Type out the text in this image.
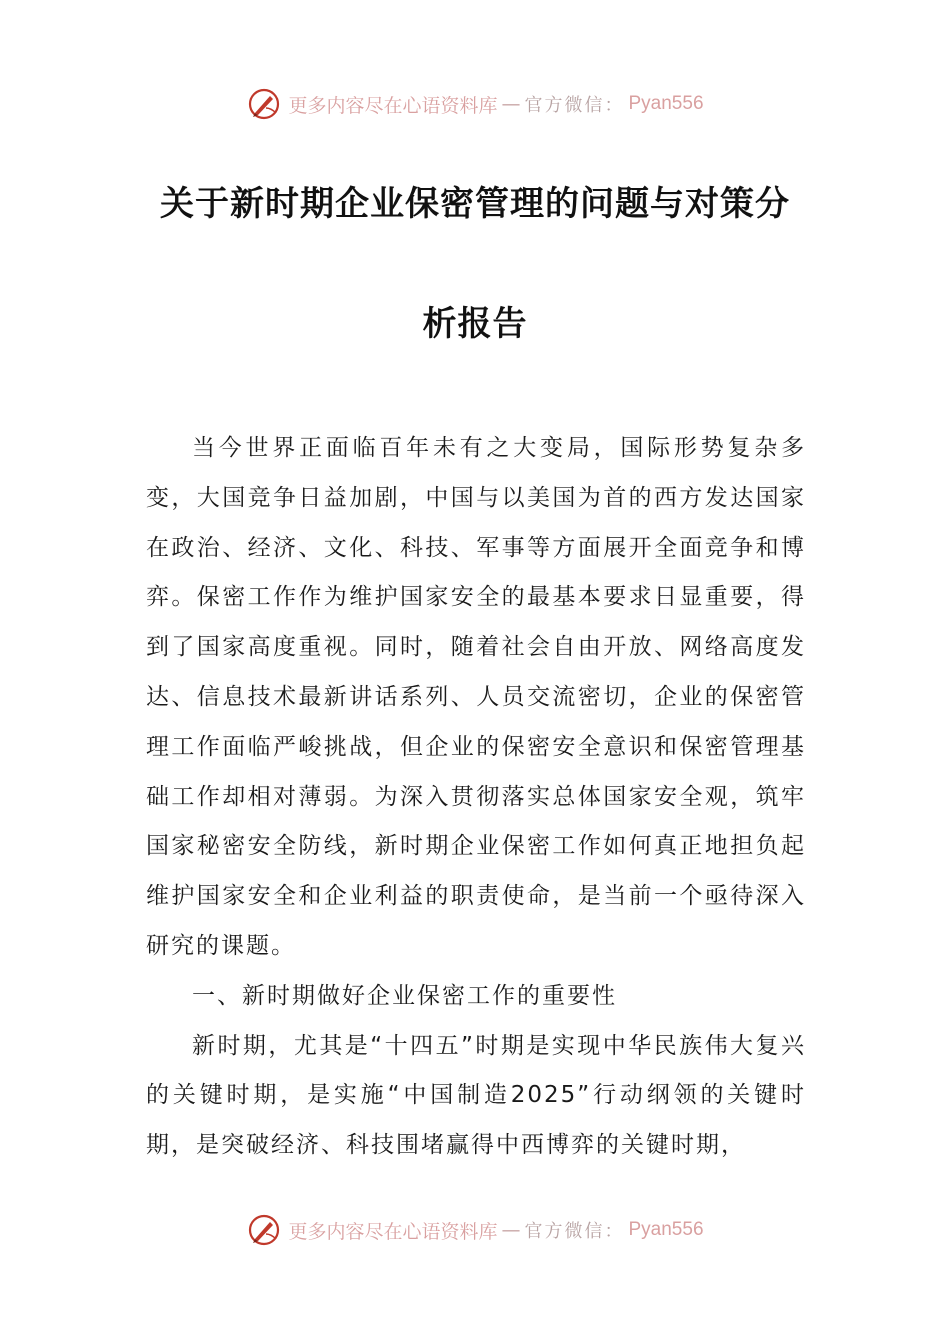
更多内容尽在心语资料库 — 官方微信： Pyan556
关于新时期企业保密管理的问题与对策分
析报告

当今世界正面临百年未有之大变局，国际形势复杂多变，大国竞争日益加剧，中国与以美国为首的西方发达国家在政治、经济、文化、科技、军事等方面展开全面竞争和博弈。保密工作作为维护国家安全的最基本要求日显重要，得到了国家高度重视。同时，随着社会自由开放、网络高度发达、信息技术最新讲话系列、人员交流密切，企业的保密管理工作面临严峻挑战，但企业的保密安全意识和保密管理基础工作却相对薄弱。为深入贯彻落实总体国家安全观，筑牢国家秘密安全防线，新时期企业保密工作如何真正地担负起维护国家安全和企业利益的职责使命，是当前一个亟待深入研究的课题。

一、新时期做好企业保密工作的重要性

新时期，尤其是“十四五”时期是实现中华民族伟大复兴的关键时期，是实施“中国制造2025”行动纲领的关键时期，是突破经济、科技围堵赢得中西博弈的关键时期，

更多内容尽在心语资料库 — 官方微信： Pyan556
